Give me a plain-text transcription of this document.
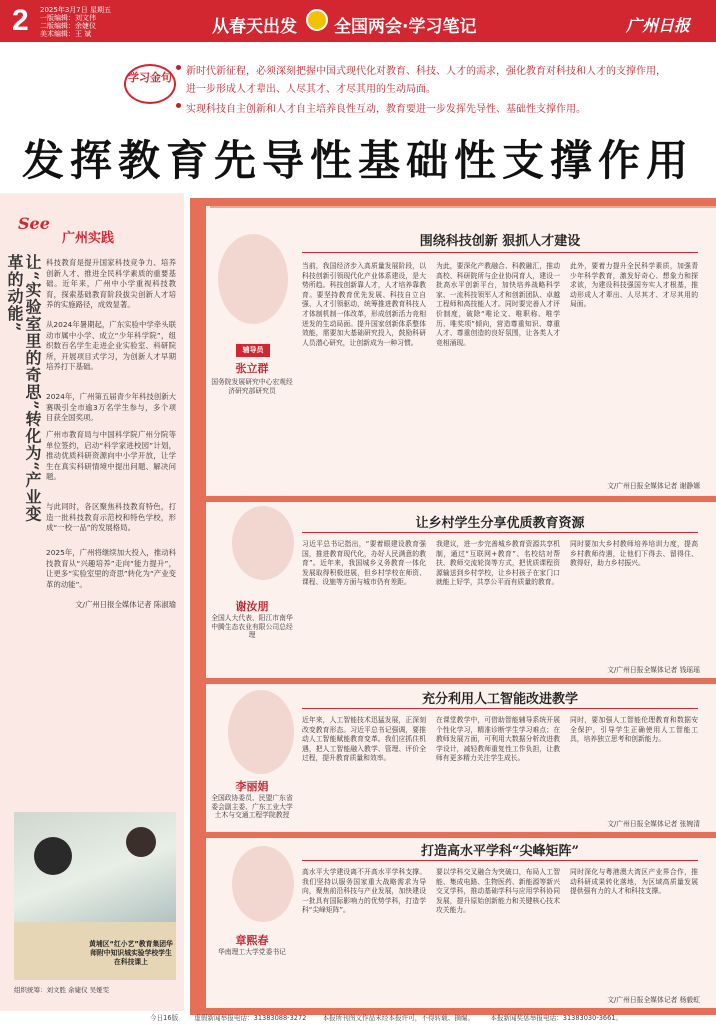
2 2025年3月7日 星期五
一版编辑：刘文伟
二版编辑：余婕仪
美术编辑：王 斌	从春天出发 全国两会·学习笔记	广州日报
学习金句	新时代新征程，必须深刻把握中国式现代化对教育、科技、人才的需求，强化教育对科技和人才的支撑作用，
进一步形成人才辈出、人尽其才、才尽其用的生动局面。
实现科技自主创新和人才自主培养良性互动，教育要进一步发挥先导性、基础性支撑作用。
发挥教育先导性基础性支撑作用
See
广州实践
让“实验室里的奇思”转化为“产业变革的动能”	科技教育是提升国家科技竞争力、培养创新人才、推进全民科学素质的重要基础。近年来，广州中小学重视科技教育，探索基础教育阶段拔尖创新人才培养的实施路径，成效显著。
从2024年暑期起，广东实验中学牵头联动市属中小学、成立“少年科学院”，组织数百名学生走进企业实验室、科研院所，开展项目式学习，为创新人才早期培养打下基础。
2024年，广州第五届青少年科技创新大赛吸引全市逾3万名学生参与，多个项目获全国奖项。
广州市教育局与中国科学院广州分院等单位签约，启动“科学家进校园”计划，推动优质科研资源向中小学开放，让学生在真实科研情境中提出问题、解决问题。
与此同时，各区聚焦科技教育特色，打造一批科技教育示范校和特色学校，形成“一校一品”的发展格局。
2025年，广州将继续加大投入，推动科技教育从“兴趣培养”走向“能力提升”，让更多“实验室里的奇思”转化为“产业变革的动能”。
文/广州日报全媒体记者 陈淑瑜
黄埔区“红小艺”教育集团华师附中知识城实验学校学生在科技课上
组织统筹：刘文胜 余婕仪 吴娅雯
辅导员
张立群
国务院发展研究中心宏观经济研究部研究员
围绕科技创新 狠抓人才建设
当前，我国经济步入高质量发展阶段，以科技创新引领现代化产业体系建设，是大势所趋。科技创新靠人才，人才培养靠教育。要坚持教育优先发展、科技自立自强、人才引领驱动，统筹推进教育科技人才体制机制一体改革，形成创新活力竞相迸发的生动局面。提升国家创新体系整体效能，需要加大基础研究投入，鼓励科研人员潜心研究，让创新成为一种习惯。
为此，要深化产教融合、科教融汇，推动高校、科研院所与企业协同育人，建设一批高水平创新平台，加快培养战略科学家、一流科技领军人才和创新团队、卓越工程师和高技能人才。同时要完善人才评价制度，破除“唯论文、唯职称、唯学历、唯奖项”倾向，营造尊重知识、尊重人才、尊重创造的良好氛围，让各类人才竞相涌现。
此外，要着力提升全民科学素质，加强青少年科学教育，激发好奇心、想象力和探求欲，为建设科技强国夯实人才根基，推动形成人才辈出、人尽其才、才尽其用的局面。
文/广州日报全媒体记者 谢静嫄
谢汝朋
全国人大代表、阳江市南华中腾生态农业有限公司总经理
让乡村学生分享优质教育资源
习近平总书记指出，“要着眼建设教育强国，推进教育现代化，办好人民满意的教育”。近年来，我国城乡义务教育一体化发展取得积极进展，但乡村学校在师资、课程、设施等方面与城市仍有差距。
我建议，进一步完善城乡教育资源共享机制，通过“互联网+教育”、名校结对帮扶、教师交流轮岗等方式，把优质课程资源输送到乡村学校，让乡村孩子在家门口就能上好学，共享公平而有质量的教育。
同时要加大乡村教师培养培训力度，提高乡村教师待遇，让他们下得去、留得住、教得好，助力乡村振兴。
文/广州日报全媒体记者 钱瑶瑶
李丽娟
全国政协委员、民盟广东省委会副主委、广东工业大学土木与交通工程学院教授
充分利用人工智能改进教学
近年来，人工智能技术迅猛发展，正深刻改变教育形态。习近平总书记强调，要推动人工智能赋能教育变革。我们应抓住机遇，把人工智能融入教学、管理、评价全过程，提升教育质量和效率。
在课堂教学中，可借助智能辅导系统开展个性化学习，精准诊断学生学习难点；在教师发展方面，可利用大数据分析改进教学设计，减轻教师重复性工作负担，让教师有更多精力关注学生成长。
同时，要加强人工智能伦理教育和数据安全保护，引导学生正确使用人工智能工具，培养独立思考和创新能力。
文/广州日报全媒体记者 张婉清
章熙春
华南理工大学党委书记
打造高水平学科“尖峰矩阵”
高水平大学建设离不开高水平学科支撑。我们坚持以服务国家重大战略需求为导向，聚焦前沿科技与产业发展，加快建设一批具有国际影响力的优势学科，打造学科“尖峰矩阵”。
要以学科交叉融合为突破口，布局人工智能、集成电路、生物医药、新能源等新兴交叉学科，推动基础学科与应用学科协同发展，提升原始创新能力和关键核心技术攻关能力。
同时深化与粤港澳大湾区产业界合作，推动科研成果转化落地，为区域高质量发展提供强有力的人才和科技支撑。
文/广州日报全媒体记者 杨毅虹
今日16版 虚假新闻举报电话：31383088-3272 本报所刊图文作品未经本报许可，不得转载、摘编。 本报新闻奖惩举报电话：31383030-3661。
